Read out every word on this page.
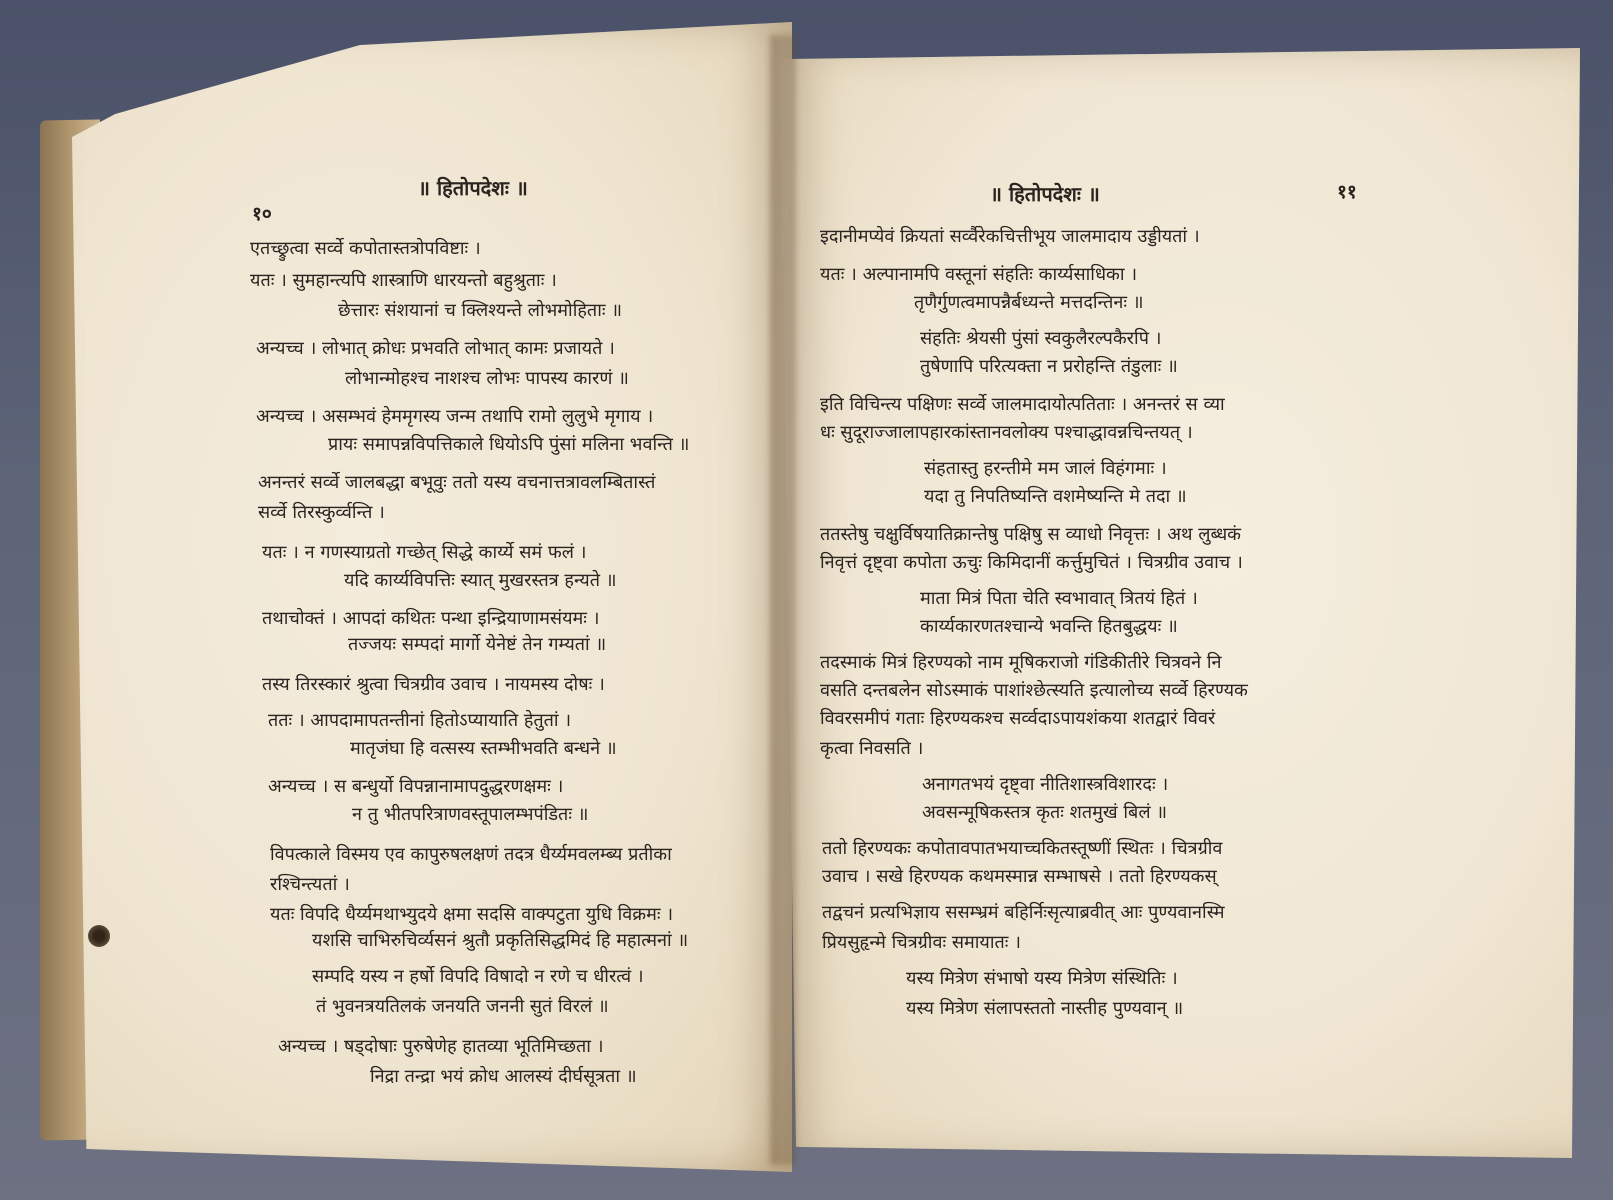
१०
॥ हितोपदेशः ॥
एतच्छ्रुत्वा सर्व्वे कपोतास्तत्रोपविष्टाः ।
यतः । सुमहान्त्यपि शास्त्राणि धारयन्तो बहुश्रुताः ।
छेत्तारः संशयानां च क्लिश्यन्ते लोभमोहिताः ॥
अन्यच्च । लोभात् क्रोधः प्रभवति लोभात् कामः प्रजायते ।
लोभान्मोहश्च नाशश्च लोभः पापस्य कारणं ॥
अन्यच्च । असम्भवं हेममृगस्य जन्म तथापि रामो लुलुभे मृगाय ।
प्रायः समापन्नविपत्तिकाले धियोऽपि पुंसां मलिना भवन्ति ॥
अनन्तरं सर्व्वे जालबद्धा बभूवुः ततो यस्य वचनात्तत्रावलम्बितास्तं
सर्व्वे तिरस्कुर्व्वन्ति ।
यतः । न गणस्याग्रतो गच्छेत् सिद्धे कार्य्ये समं फलं ।
यदि कार्य्यविपत्तिः स्यात् मुखरस्तत्र हन्यते ॥
तथाचोक्तं । आपदां कथितः पन्था इन्द्रियाणामसंयमः ।
तज्जयः सम्पदां मार्गो येनेष्टं तेन गम्यतां ॥
तस्य तिरस्कारं श्रुत्वा चित्रग्रीव उवाच । नायमस्य दोषः ।
ततः । आपदामापतन्तीनां हितोऽप्यायाति हेतुतां ।
मातृजंघा हि वत्सस्य स्तम्भीभवति बन्धने ॥
अन्यच्च । स बन्धुर्यो विपन्नानामापदुद्धरणक्षमः ।
न तु भीतपरित्राणवस्तूपालम्भपंडितः ॥
विपत्काले विस्मय एव कापुरुषलक्षणं तदत्र धैर्य्यमवलम्ब्य प्रतीका
रश्चिन्त्यतां ।
यतः विपदि धैर्य्यमथाभ्युदये क्षमा सदसि वाक्पटुता युधि विक्रमः ।
यशसि चाभिरुचिर्व्यसनं श्रुतौ प्रकृतिसिद्धमिदं हि महात्मनां ॥
सम्पदि यस्य न हर्षो विपदि विषादो न रणे च धीरत्वं ।
तं भुवनत्रयतिलकं जनयति जननी सुतं विरलं ॥
अन्यच्च । षड्दोषाः पुरुषेणेह हातव्या भूतिमिच्छता ।
निद्रा तन्द्रा भयं क्रोध आलस्यं दीर्घसूत्रता ॥
॥ हितोपदेशः ॥	११
इदानीमप्येवं क्रियतां सर्व्वैरेकचित्तीभूय जालमादाय उड्डीयतां ।
यतः । अल्पानामपि वस्तूनां संहतिः कार्य्यसाधिका ।
तृणैर्गुणत्वमापन्नैर्बध्यन्ते मत्तदन्तिनः ॥
संहतिः श्रेयसी पुंसां स्वकुलैरल्पकैरपि ।
तुषेणापि परित्यक्ता न प्ररोहन्ति तंडुलाः ॥
इति विचिन्त्य पक्षिणः सर्व्वे जालमादायोत्पतिताः । अनन्तरं स व्या
धः सुदूराज्जालापहारकांस्तानवलोक्य पश्चाद्धावन्नचिन्तयत् ।
संहतास्तु हरन्तीमे मम जालं विहंगमाः ।
यदा तु निपतिष्यन्ति वशमेष्यन्ति मे तदा ॥
ततस्तेषु चक्षुर्विषयातिक्रान्तेषु पक्षिषु स व्याधो निवृत्तः । अथ लुब्धकं
निवृत्तं दृष्ट्वा कपोता ऊचुः किमिदानीं कर्त्तुमुचितं । चित्रग्रीव उवाच ।
माता मित्रं पिता चेति स्वभावात् त्रितयं हितं ।
कार्य्यकारणतश्चान्ये भवन्ति हितबुद्धयः ॥
तदस्माकं मित्रं हिरण्यको नाम मूषिकराजो गंडिकीतीरे चित्रवने नि
वसति दन्तबलेन सोऽस्माकं पाशांश्छेत्स्यति इत्यालोच्य सर्व्वे हिरण्यक
विवरसमीपं गताः हिरण्यकश्च सर्व्वदाऽपायशंकया शतद्वारं विवरं
कृत्वा निवसति ।
अनागतभयं दृष्ट्वा नीतिशास्त्रविशारदः ।
अवसन्मूषिकस्तत्र कृतः शतमुखं बिलं ॥
ततो हिरण्यकः कपोतावपातभयाच्चकितस्तूष्णीं स्थितः । चित्रग्रीव
उवाच । सखे हिरण्यक कथमस्मान्न सम्भाषसे । ततो हिरण्यकस्
तद्वचनं प्रत्यभिज्ञाय ससम्भ्रमं बहिर्निःसृत्याब्रवीत् आः पुण्यवानस्मि
प्रियसुहृन्मे चित्रग्रीवः समायातः ।
यस्य मित्रेण संभाषो यस्य मित्रेण संस्थितिः ।
यस्य मित्रेण संलापस्ततो नास्तीह पुण्यवान् ॥
